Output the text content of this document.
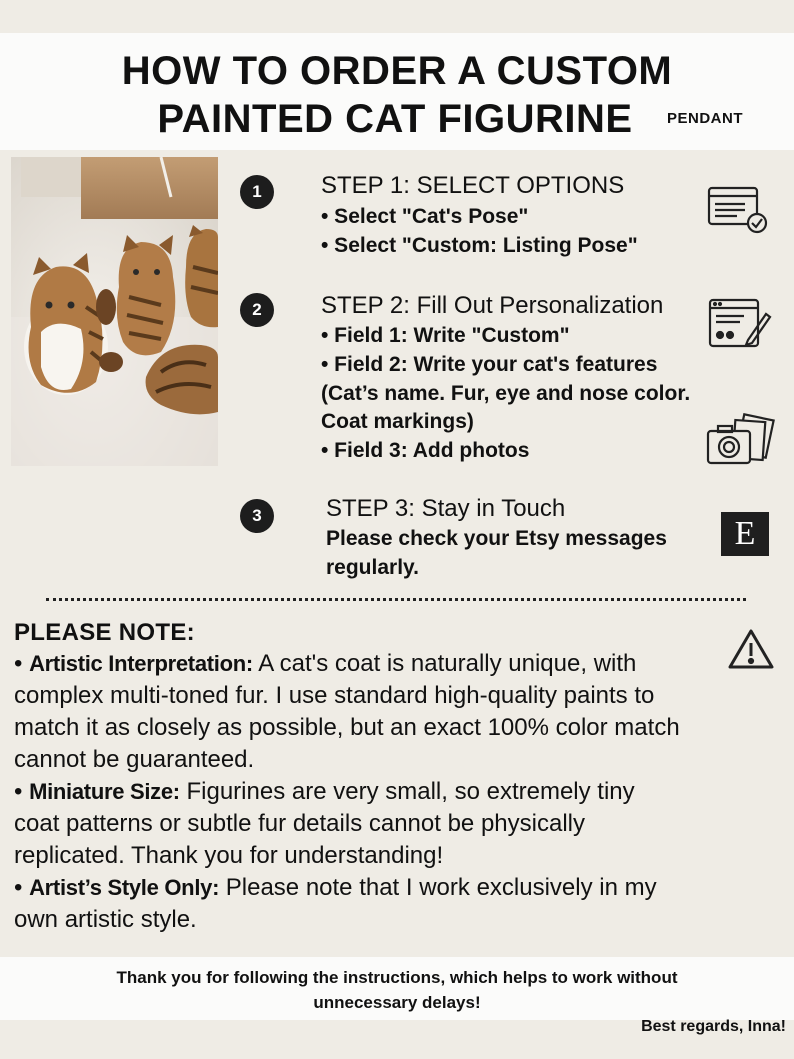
HOW TO ORDER A CUSTOM
PAINTED CAT FIGURINE	PENDANT
1	STEP 1: SELECT OPTIONS
• Select "Cat's Pose"
• Select "Custom: Listing Pose"
2	STEP 2: Fill Out Personalization
• Field 1: Write "Custom"
• Field 2: Write your cat's features
(Cat’s name. Fur, eye and nose color.
Coat markings)
• Field 3: Add photos
3	STEP 3: Stay in Touch
Please check your Etsy messages
regularly.
E
PLEASE NOTE:
• Artistic Interpretation: A cat's coat is naturally unique, with
complex multi-toned fur. I use standard high-quality paints to
match it as closely as possible, but an exact 100% color match
cannot be guaranteed.
• Miniature Size: Figurines are very small, so extremely tiny
coat patterns or subtle fur details cannot be physically
replicated. Thank you for understanding!
• Artist’s Style Only: Please note that I work exclusively in my
own artistic style.
Thank you for following the instructions, which helps to work without
unnecessary delays!
Best regards, Inna!
